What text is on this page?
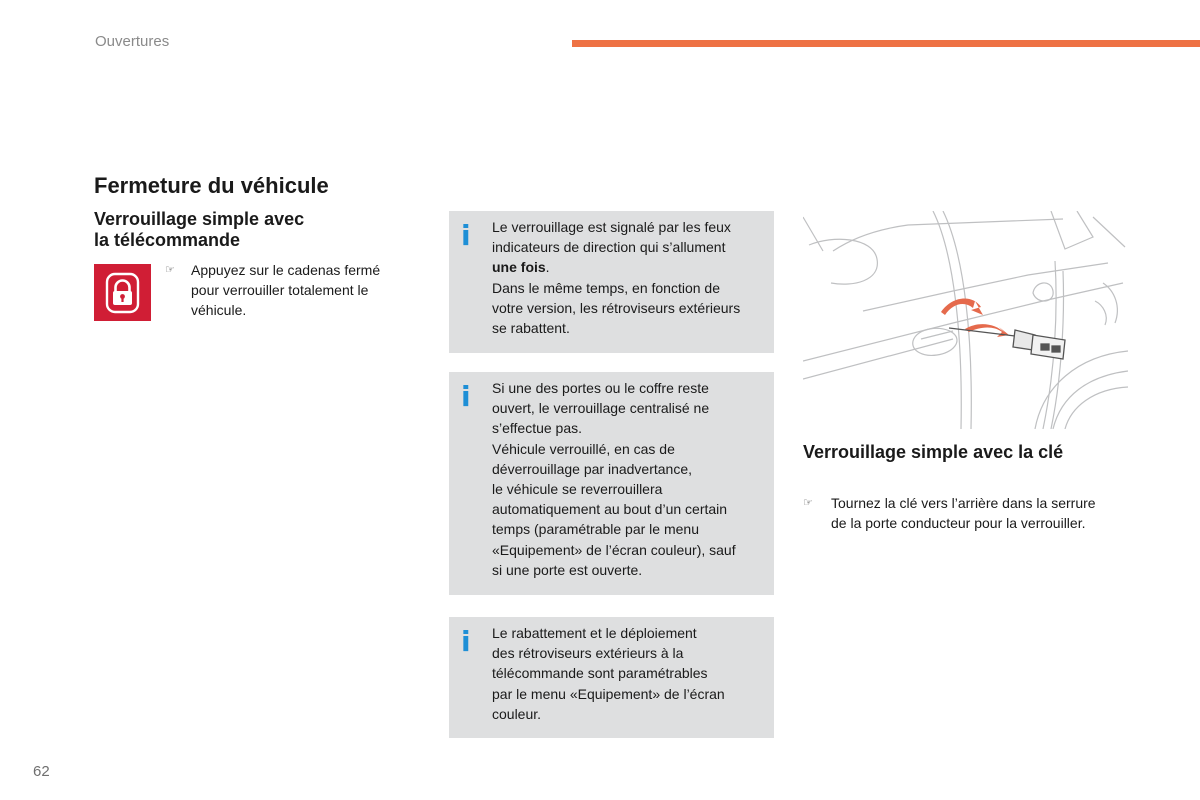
Ouvertures
Fermeture du véhicule
Verrouillage simple avec
la télécommande
☞ Appuyez sur le cadenas fermé
pour verrouiller totalement le
véhicule.
i Le verrouillage est signalé par les feux
indicateurs de direction qui s’allument
une fois.
Dans le même temps, en fonction de
votre version, les rétroviseurs extérieurs
se rabattent.
i Si une des portes ou le coffre reste
ouvert, le verrouillage centralisé ne
s’effectue pas.
Véhicule verrouillé, en cas de
déverrouillage par inadvertance,
le véhicule se reverrouillera
automatiquement au bout d’un certain
temps (paramétrable par le menu
«Equipement» de l’écran couleur), sauf
si une porte est ouverte.
i Le rabattement et le déploiement
des rétroviseurs extérieurs à la
télécommande sont paramétrables
par le menu «Equipement» de l’écran
couleur.
Verrouillage simple avec la clé
☞ Tournez la clé vers l’arrière dans la serrure
de la porte conducteur pour la verrouiller.
62
